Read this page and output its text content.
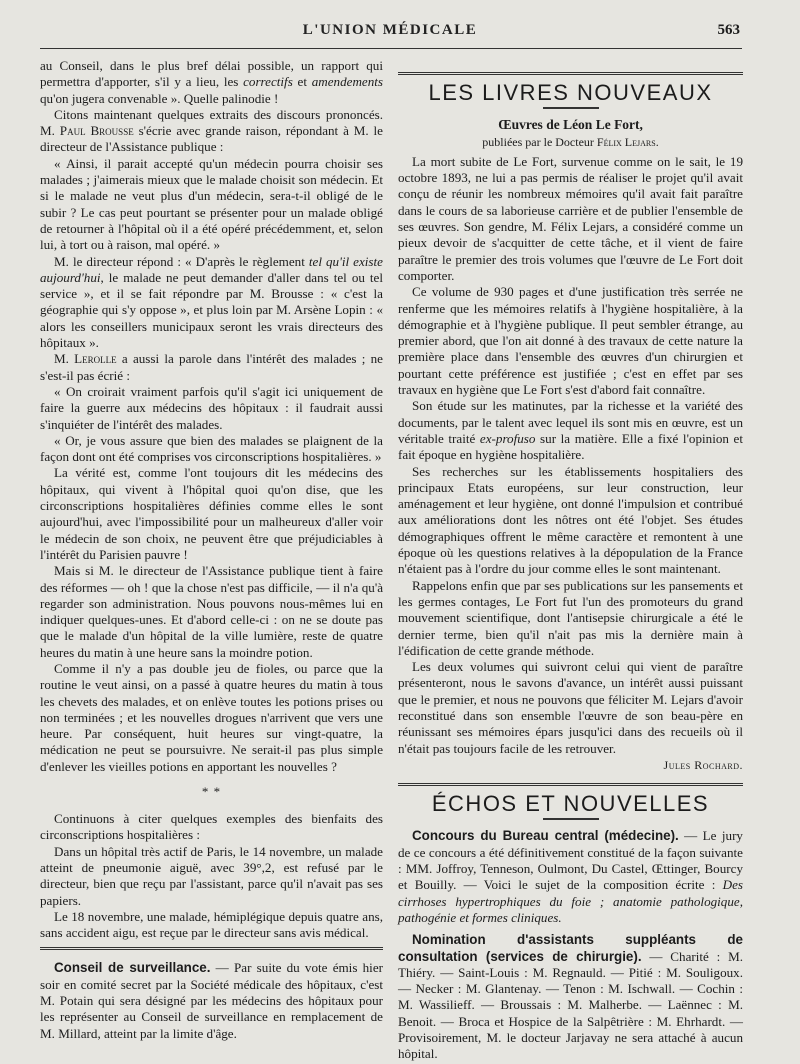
L'UNION MÉDICALE	563

au Conseil, dans le plus bref délai possible, un rapport qui permettra d'apporter, s'il y a lieu, les correctifs et amendements qu'on jugera convenable ». Quelle palinodie !

Citons maintenant quelques extraits des discours prononcés. M. Paul Brousse s'écrie avec grande raison, répondant à M. le directeur de l'Assistance publique :

« Ainsi, il parait accepté qu'un médecin pourra choisir ses malades ; j'aimerais mieux que le malade choisit son médecin. Et si le malade ne veut plus d'un médecin, sera-t-il obligé de le subir ? Le cas peut pourtant se présenter pour un malade obligé de retourner à l'hôpital où il a été opéré précédemment, et, selon lui, à tort ou à raison, mal opéré. »

M. le directeur répond : « D'après le règlement tel qu'il existe aujourd'hui, le malade ne peut demander d'aller dans tel ou tel service », et il se fait répondre par M. Brousse : « c'est la géographie qui s'y oppose », et plus loin par M. Arsène Lopin : « alors les conseillers municipaux seront les vrais directeurs des hôpitaux ».

M. Lerolle a aussi la parole dans l'intérêt des malades ; ne s'est-il pas écrié :

« On croirait vraiment parfois qu'il s'agit ici uniquement de faire la guerre aux médecins des hôpitaux : il faudrait aussi s'inquiéter de l'intérêt des malades.

« Or, je vous assure que bien des malades se plaignent de la façon dont ont été comprises vos circonscriptions hospitalières. »

La vérité est, comme l'ont toujours dit les médecins des hôpitaux, qui vivent à l'hôpital quoi qu'on dise, que les circonscriptions hospitalières définies comme elles le sont aujourd'hui, avec l'impossibilité pour un malheureux d'aller voir le médecin de son choix, ne peuvent être que préjudiciables à l'intérêt du Parisien pauvre !

Mais si M. le directeur de l'Assistance publique tient à faire des réformes — oh ! que la chose n'est pas difficile, — il n'a qu'à regarder son administration. Nous pouvons nous-mêmes lui en indiquer quelques-unes. Et d'abord celle-ci : on ne se doute pas que le malade d'un hôpital de la ville lumière, reste de quatre heures du matin à une heure sans la moindre potion.

Comme il n'y a pas double jeu de fioles, ou parce que la routine le veut ainsi, on a passé à quatre heures du matin à tous les chevets des malades, et on enlève toutes les potions prises ou non terminées ; et les nouvelles drogues n'arrivent que vers une heure. Par conséquent, huit heures sur vingt-quatre, la médication ne peut se poursuivre. Ne serait-il pas plus simple d'enlever les vieilles potions en apportant les nouvelles ?

* *

Continuons à citer quelques exemples des bienfaits des circonscriptions hospitalières :

Dans un hôpital très actif de Paris, le 14 novembre, un malade atteint de pneumonie aiguë, avec 39°,2, est refusé par le directeur, bien que reçu par l'assistant, parce qu'il n'avait pas ses papiers.

Le 18 novembre, une malade, hémiplégique depuis quatre ans, sans accident aigu, est reçue par le directeur sans avis médical.

Conseil de surveillance. — Par suite du vote émis hier soir en comité secret par la Société médicale des hôpitaux, c'est M. Potain qui sera désigné par les médecins des hôpitaux pour les représenter au Conseil de surveillance en remplacement de M. Millard, atteint par la limite d'âge.

LES LIVRES NOUVEAUX
Œuvres de Léon Le Fort,
publiées par le Docteur Félix Lejars.

La mort subite de Le Fort, survenue comme on le sait, le 19 octobre 1893, ne lui a pas permis de réaliser le projet qu'il avait conçu de réunir les nombreux mémoires qu'il avait fait paraître dans le cours de sa laborieuse carrière et de publier l'ensemble de ses œuvres. Son gendre, M. Félix Lejars, a considéré comme un pieux devoir de s'acquitter de cette tâche, et il vient de faire paraître le premier des trois volumes que l'œuvre de Le Fort doit comporter.

Ce volume de 930 pages et d'une justification très serrée ne renferme que les mémoires relatifs à l'hygiène hospitalière, à la démographie et à l'hygiène publique. Il peut sembler étrange, au premier abord, que l'on ait donné à des travaux de cette nature la première place dans l'ensemble des œuvres d'un chirurgien et pourtant cette préférence est justifiée ; c'est en effet par ses travaux en hygiène que Le Fort s'est d'abord fait connaître.

Son étude sur les matinutes, par la richesse et la variété des documents, par le talent avec lequel ils sont mis en œuvre, est un véritable traité ex-profuso sur la matière. Elle a fixé l'opinion et fait époque en hygiène hospitalière.

Ses recherches sur les établissements hospitaliers des principaux Etats européens, sur leur construction, leur aménagement et leur hygiène, ont donné l'impulsion et contribué aux améliorations dont les nôtres ont été l'objet. Ses études démographiques offrent le même caractère et remontent à une époque où les questions relatives à la dépopulation de la France n'étaient pas à l'ordre du jour comme elles le sont maintenant.

Rappelons enfin que par ses publications sur les pansements et les germes contages, Le Fort fut l'un des promoteurs du grand mouvement scientifique, dont l'antisepsie chirurgicale a été le dernier terme, bien qu'il n'ait pas mis la dernière main à l'édification de cette grande méthode.

Les deux volumes qui suivront celui qui vient de paraître présenteront, nous le savons d'avance, un intérêt aussi puissant que le premier, et nous ne pouvons que féliciter M. Lejars d'avoir reconstitué dans son ensemble l'œuvre de son beau-père en réunissant ses mémoires épars jusqu'ici dans des recueils où il n'était pas toujours facile de les retrouver.

Jules Rochard.
ÉCHOS ET NOUVELLES

Concours du Bureau central (médecine). — Le jury de ce concours a été définitivement constitué de la façon suivante : MM. Joffroy, Tenneson, Oulmont, Du Castel, Œttinger, Bourcy et Bouilly. — Voici le sujet de la composition écrite : Des cirrhoses hypertrophiques du foie ; anatomie pathologique, pathogénie et formes cliniques.

Nomination d'assistants suppléants de consultation (services de chirurgie). — Charité : M. Thiéry. — Saint-Louis : M. Regnauld. — Pitié : M. Souligoux. — Necker : M. Glantenay. — Tenon : M. Ischwall. — Cochin : M. Wassilieff. — Broussais : M. Malherbe. — Laënnec : M. Benoit. — Broca et Hospice de la Salpêtrière : M. Ehrhardt. — Provisoirement, M. le docteur Jarjavay ne sera attaché à aucun hôpital.
